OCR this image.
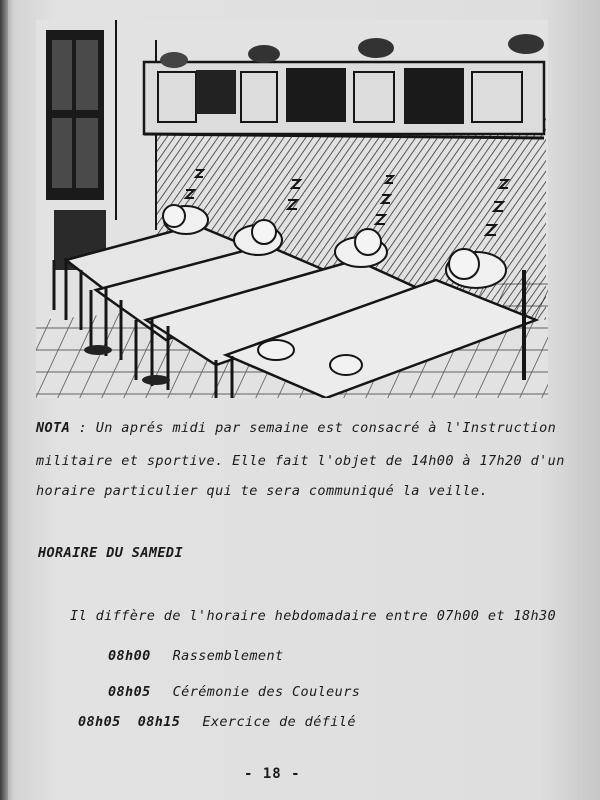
NOTA : Un aprés midi par semaine est consacré à l'Instruction
militaire et sportive. Elle fait l'objet de 14h00 à 17h20 d'un
horaire particulier qui te sera communiqué la veille.
HORAIRE DU SAMEDI
Il diffère de l'horaire hebdomadaire entre 07h00 et 18h30
08h00 Rassemblement
08h05 Cérémonie des Couleurs
08h05  08h15 Exercice de défilé
- 18 -
